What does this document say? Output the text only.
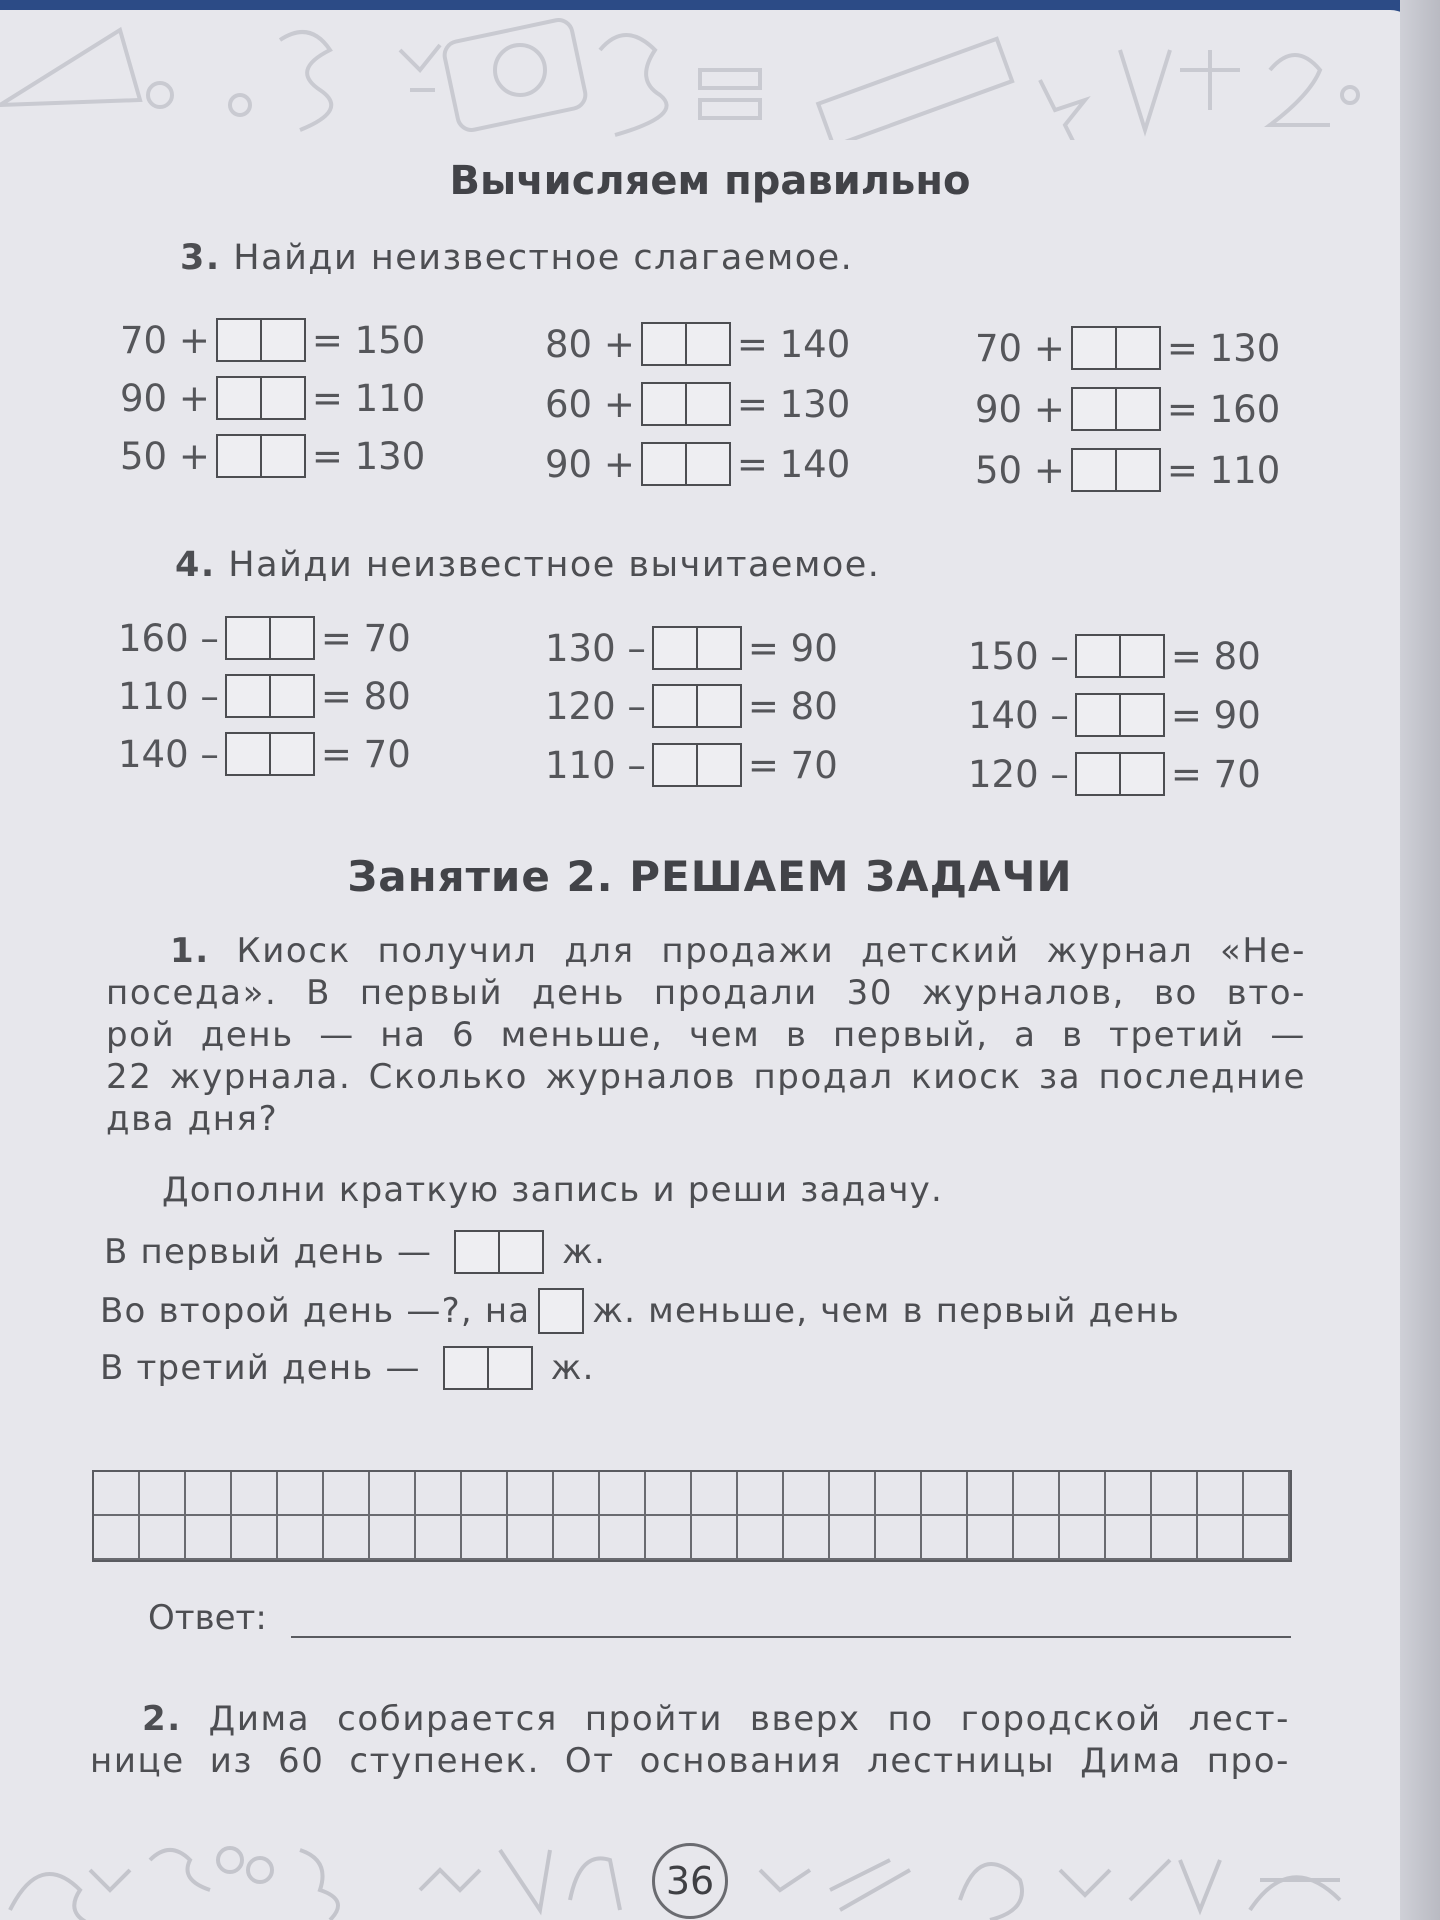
Вычисляем правильно
3. Найди неизвестное слагаемое.
70 +	= 150
90 +	= 110
50 +	= 130
80 +	= 140
60 +	= 130
90 +	= 140
70 +	= 130
90 +	= 160
50 +	= 110
4. Найди неизвестное вычитаемое.
160 –	= 70
110 –	= 80
140 –	= 70
130 –	= 90
120 –	= 80
110 –	= 70
150 –	= 80
140 –	= 90
120 –	= 70
Занятие 2. РЕШАЕМ ЗАДАЧИ
1. Киоск получил для продажи детский журнал «Не-
поседа». В первый день продали 30 журналов, во вто-
рой день — на 6 меньше, чем в первый, а в третий —
22 журнала. Сколько журналов продал киоск за последние
два дня?
Дополни краткую запись и реши задачу.
В первый день —	ж.
Во второй день —?, на ж. меньше, чем в первый день
В третий день —	ж.
Ответ:
2. Дима собирается пройти вверх по городской лест-
нице из 60 ступенек. От основания лестницы Дима про-
36
